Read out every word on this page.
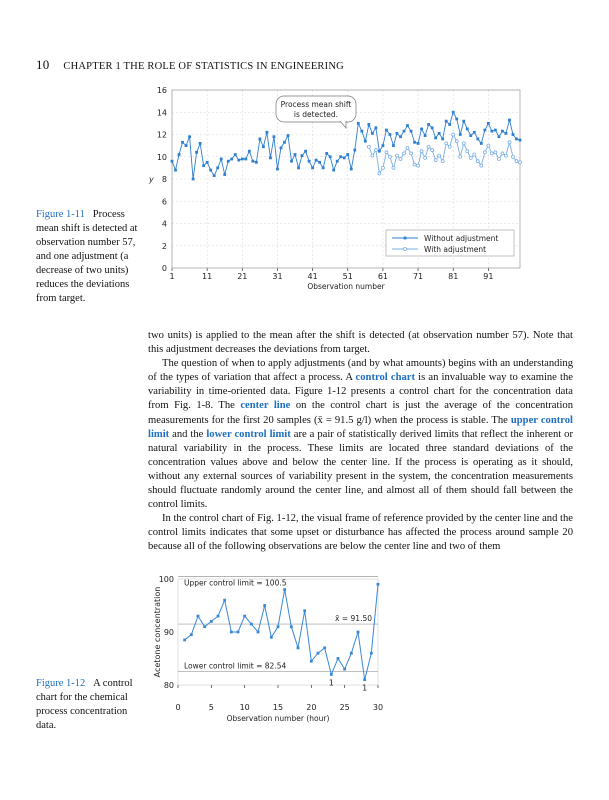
10 CHAPTER 1 THE ROLE OF STATISTICS IN ENGINEERING
0
2
4
6
8
10
12
14
16
1	11	21	31	41	51	61	71	81	91
Observation number
y
Process mean shift
is detected.
Without adjustment
With adjustment
80
90
100
0	5	10	15	20	25	30
Observation number (hour)
Acetone concentration
Upper control limit = 100.5
x̄ = 91.50
Lower control limit = 82.54
1
1
Figure 1-11 Process mean shift is detected at observation number 57, and one adjustment (a decrease of two units) reduces the deviations from target.

two units) is applied to the mean after the shift is detected (at observation number 57). Note that this adjustment decreases the deviations from target.

The question of when to apply adjustments (and by what amounts) begins with an understanding of the types of variation that affect a process. A control chart is an invaluable way to examine the variability in time-oriented data. Figure 1-12 presents a control chart for the concentration data from Fig. 1-8. The center line on the control chart is just the average of the concentration measurements for the first 20 samples (x̄ = 91.5 g/l) when the process is stable. The upper control limit and the lower control limit are a pair of statistically derived limits that reflect the inherent or natural variability in the process. These limits are located three standard deviations of the concentration values above and below the center line. If the process is operating as it should, without any external sources of variability present in the system, the concentration measurements should fluctuate randomly around the center line, and almost all of them should fall between the control limits.

In the control chart of Fig. 1-12, the visual frame of reference provided by the center line and the control limits indicates that some upset or disturbance has affected the process around sample 20 because all of the following observations are below the center line and two of them

Figure 1-12 A control chart for the chemical process concentration data.
